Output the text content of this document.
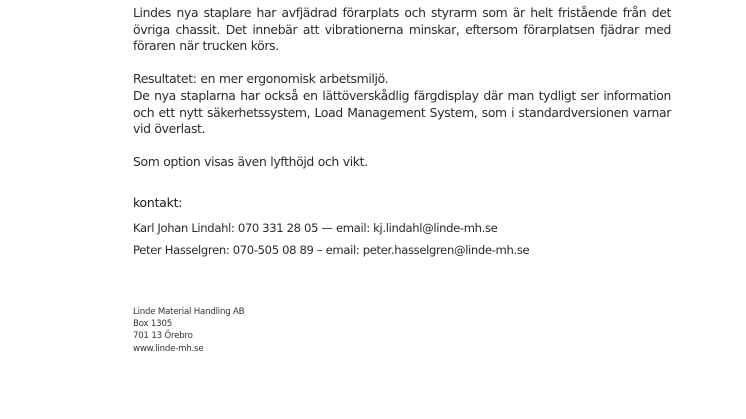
Lindes nya staplare har avfjädrad förarplats och styrarm som är helt fristående från det övriga chassit. Det innebär att vibrationerna minskar, eftersom förarplatsen fjädrar med föraren när trucken körs.

Resultatet: en mer ergonomisk arbetsmiljö.

De nya staplarna har också en lättöverskådlig färgdisplay där man tydligt ser information och ett nytt säkerhetssystem, Load Management System, som i standardversionen varnar vid överlast.

Som option visas även lyfthöjd och vikt.

kontakt:

Karl Johan Lindahl: 070 331 28 05 — email: kj.lindahl@linde-mh.se

Peter Hasselgren: 070-505 08 89 – email: peter.hasselgren@linde-mh.se

Linde Material Handling AB
Box 1305
701 13 Örebro
www.linde-mh.se
